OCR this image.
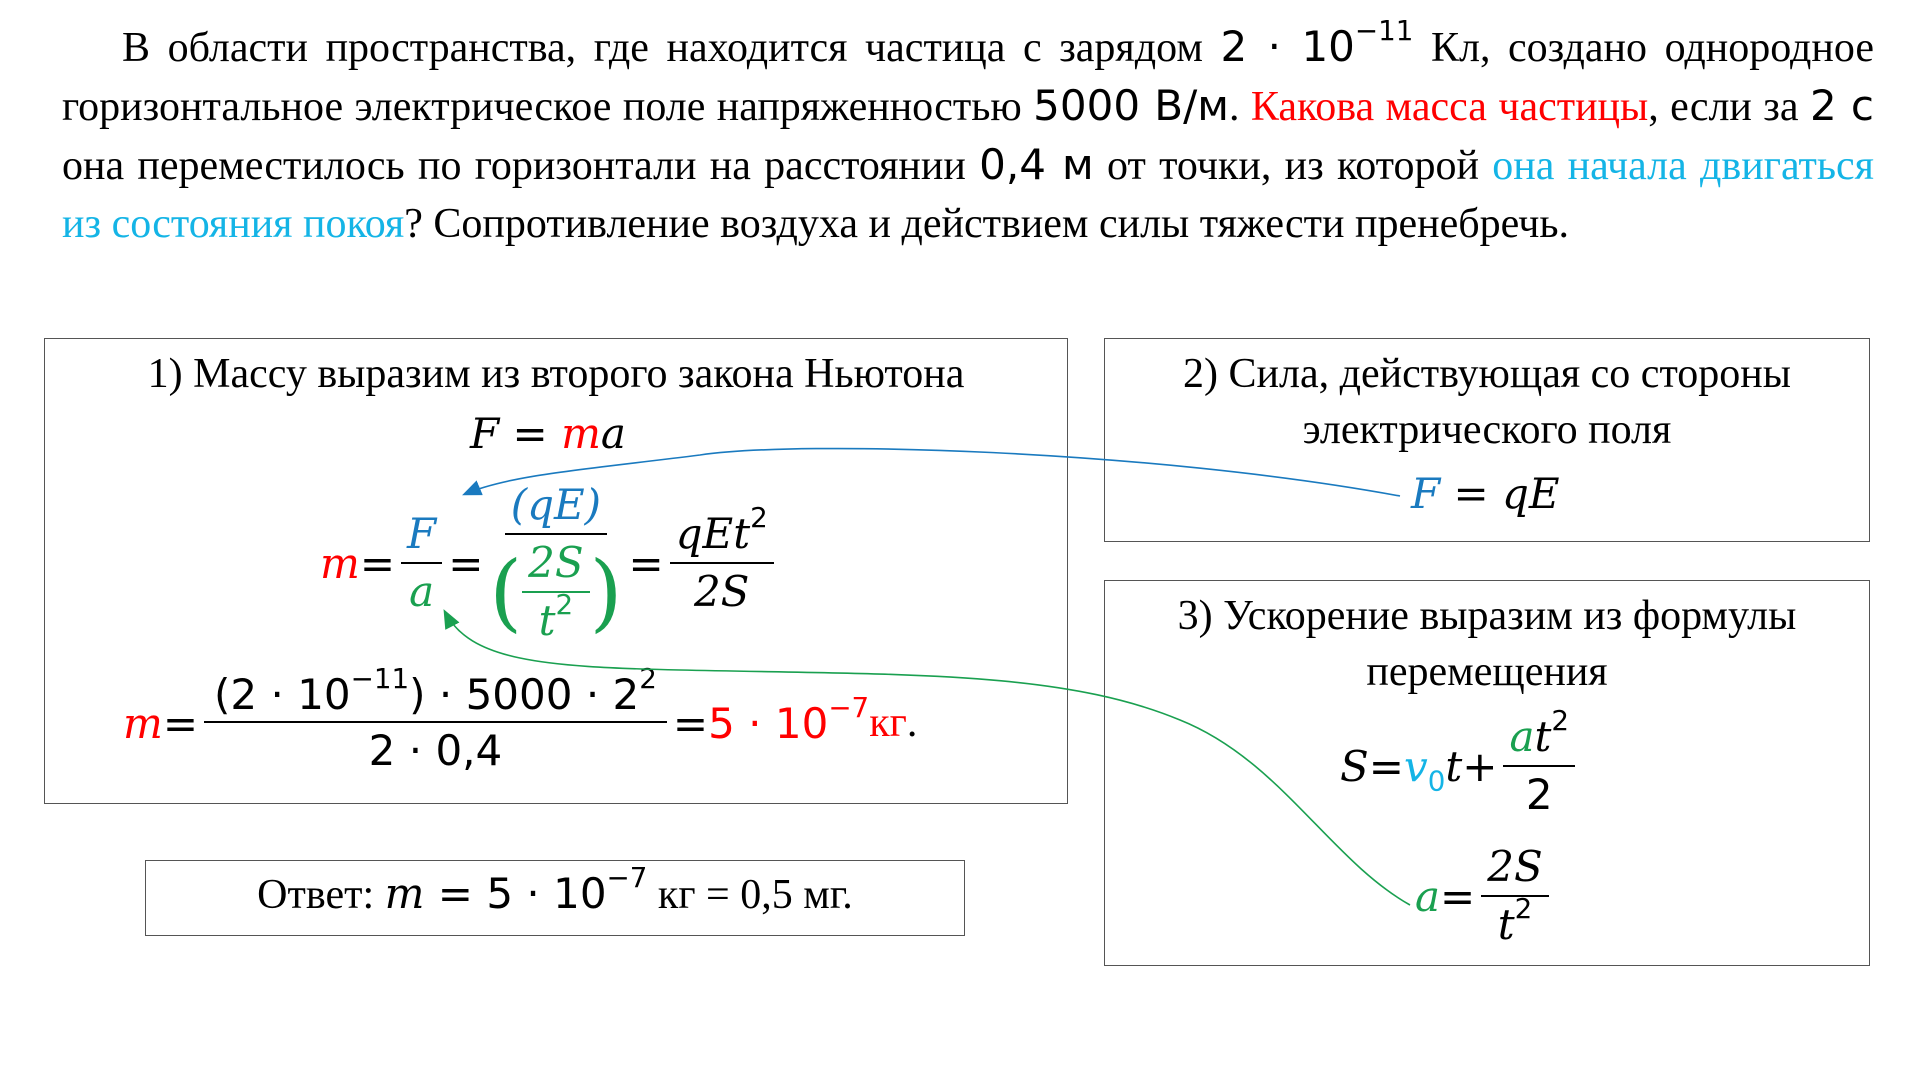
В области пространства, где находится частица с зарядом $2 \cdot 10^{-11}$ Кл, создано однородное горизонтальное электрическое поле напряженностью 5000 В/м. Какова масса частицы, если за 2 с она переместилось по горизонтали на расстоянии 0,4 м от точки, из которой она начала двигаться из состояния покоя? Сопротивление воздуха и действием силы тяжести пренебречь.
1) Массу выразим из второго закона Ньютона
F = ma
$m = \frac{F}{a} = \frac{(qE)}{( \frac{2S}{t^2} )} = \frac{qEt^2}{2S}$
$m = \frac{(2 \cdot 10^{-11}) \cdot 5000 \cdot 2^2}{2 \cdot 0,4} = 5 \cdot 10^{-7}$ кг .
Ответ: $m = 5 \cdot 10^{-7}$ кг = 0,5 мг.
2) Сила, действующая со стороны
электрического поля
F = qE
3) Ускорение выразим из формулы
перемещения
$S = v_0$ $t + \frac{at^2}{2}$
$a = \frac{2S}{t^2}$
